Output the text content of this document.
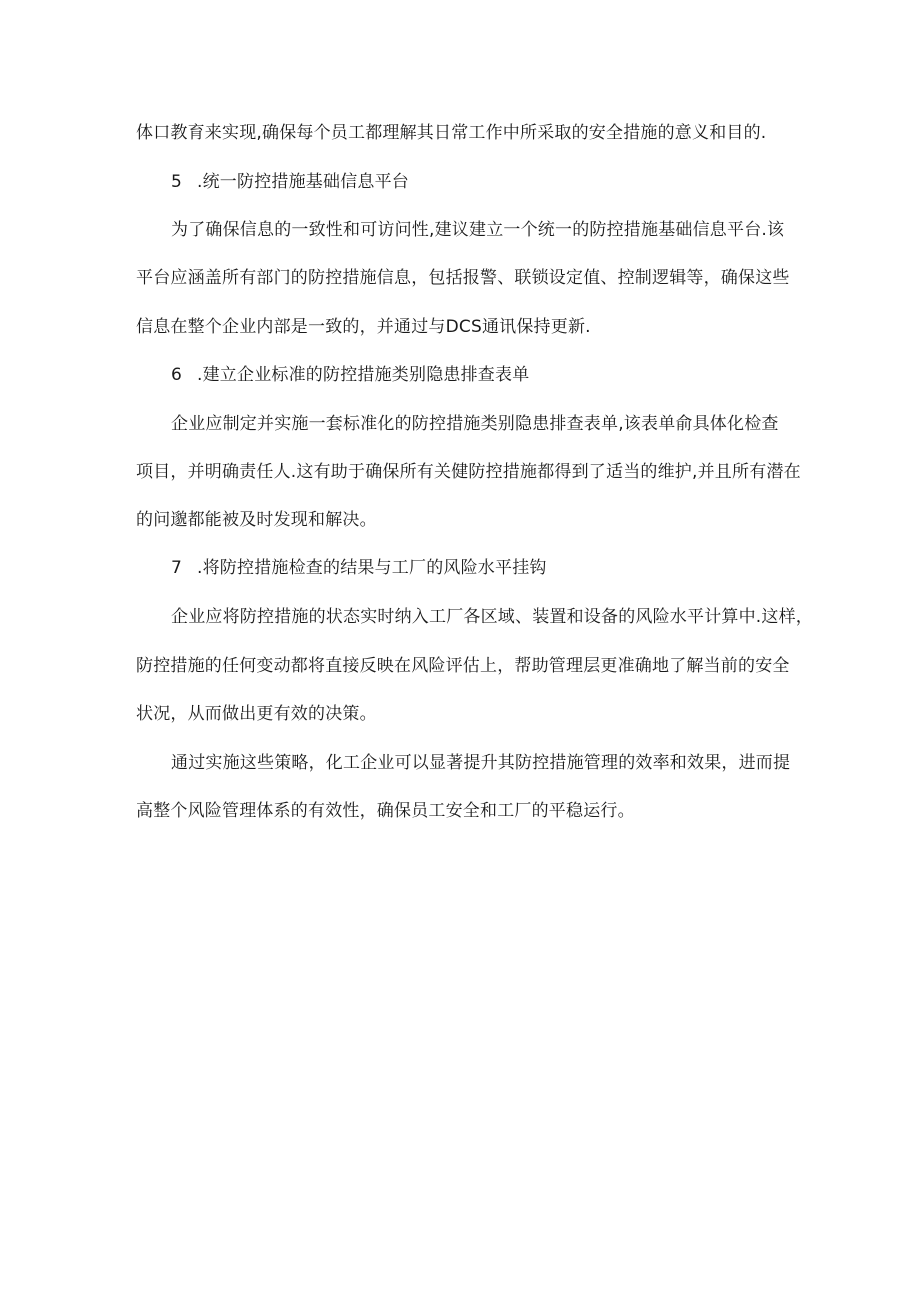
体口教育来实现,确保每个员工都理解其日常工作中所采取的安全措施的意义和目的.
5 .统一防控措施基础信息平台
为了确保信息的一致性和可访问性,建议建立一个统一的防控措施基础信息平台.该
平台应涵盖所有部门的防控措施信息，包括报警、联锁设定值、控制逻辑等，确保这些
信息在整个企业内部是一致的，并通过与DCS通讯保持更新.
6 .建立企业标准的防控措施类别隐患排查表单
企业应制定并实施一套标准化的防控措施类别隐患排查表单,该表单俞具体化检查
项目，并明确责任人.这有助于确保所有关健防控措施都得到了适当的维护,并且所有潜在
的问邈都能被及时发现和解决。
7 .将防控措施检查的结果与工厂的风险水平挂钩
企业应将防控措施的状态实时纳入工厂各区域、装置和设备的风险水平计算中.这样，
防控措施的任何变动都将直接反映在风险评估上，帮助管理层更准确地了解当前的安全
状况，从而做出更有效的决策。
通过实施这些策略，化工企业可以显著提升其防控措施管理的效率和效果，进而提
高整个风险管理体系的有效性，确保员工安全和工厂的平稳运行。
